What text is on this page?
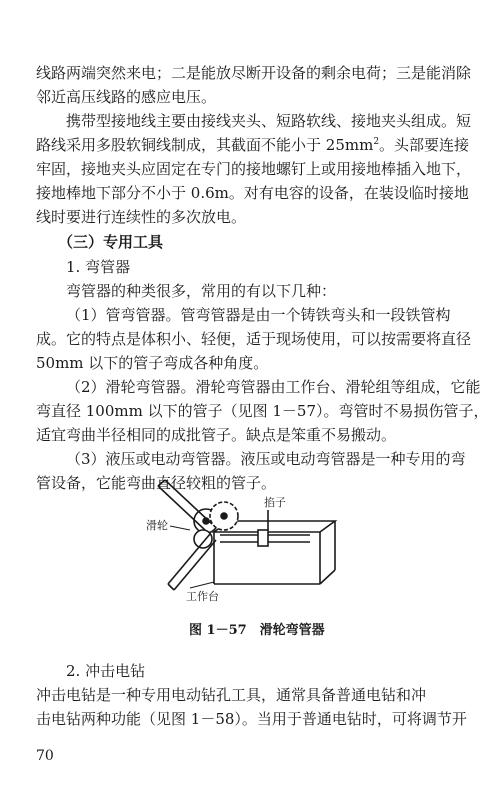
线路两端突然来电；二是能放尽断开设备的剩余电荷；三是能消除
邻近高压线路的感应电压。
携带型接地线主要由接线夹头、短路软线、接地夹头组成。短
路线采用多股软铜线制成，其截面不能小于 $25mm^2$。头部要连接
牢固，接地夹头应固定在专门的接地螺钉上或用接地棒插入地下，
接地棒地下部分不小于 0.6m。对有电容的设备，在装设临时接地
线时要进行连续性的多次放电。
（三）专用工具
1. 弯管器
弯管器的种类很多，常用的有以下几种：
（1）管弯管器。管弯管器是由一个铸铁弯头和一段铁管构
成。它的特点是体积小、轻便，适于现场使用，可以按需要将直径
50mm 以下的管子弯成各种角度。
（2）滑轮弯管器。滑轮弯管器由工作台、滑轮组等组成，它能
弯直径 100mm 以下的管子（见图 1－57）。弯管时不易损伤管子，
适宜弯曲半径相同的成批管子。缺点是笨重不易搬动。
（3）液压或电动弯管器。液压或电动弯管器是一种专用的弯
管设备，它能弯曲直径较粗的管子。
掐子
滑轮
工作台
图 1－57　滑轮弯管器
2. 冲击电钻
冲击电钻是一种专用电动钻孔工具，通常具备普通电钻和冲
击电钻两种功能（见图 1－58）。当用于普通电钻时，可将调节开
70
